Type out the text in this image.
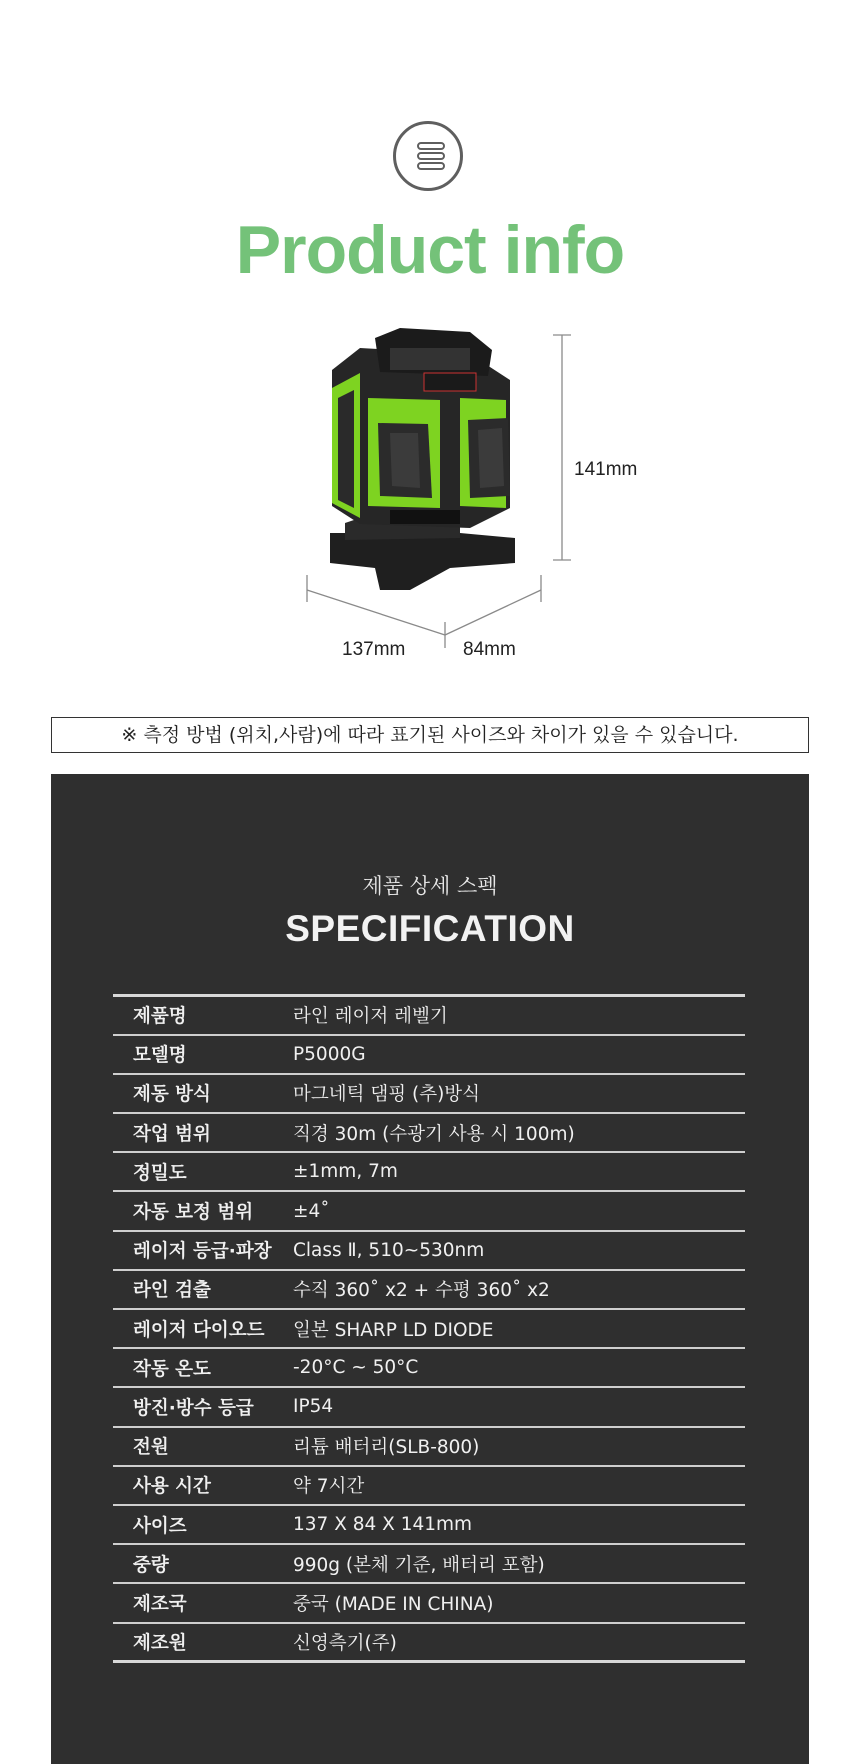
Product info
141mm
137mm	84mm
※ 측정 방법 (위치,사람)에 따라 표기된 사이즈와 차이가 있을 수 있습니다.
제품 상세 스펙
SPECIFICATION
제품명	라인 레이저 레벨기
모델명	P5000G
제동 방식	마그네틱 댐핑 (추)방식
작업 범위	직경 30m (수광기 사용 시 100m)
정밀도	±1mm, 7m
자동 보정 범위	±4˚
레이저 등급·파장	Class Ⅱ, 510~530nm
라인 검출	수직 360˚ x2 + 수평 360˚ x2
레이저 다이오드	일본 SHARP LD DIODE
작동 온도	-20°C ~ 50°C
방진·방수 등급	IP54
전원	리튬 배터리(SLB-800)
사용 시간	약 7시간
사이즈	137 X 84 X 141mm
중량	990g (본체 기준, 배터리 포함)
제조국	중국 (MADE IN CHINA)
제조원	신영측기(주)
